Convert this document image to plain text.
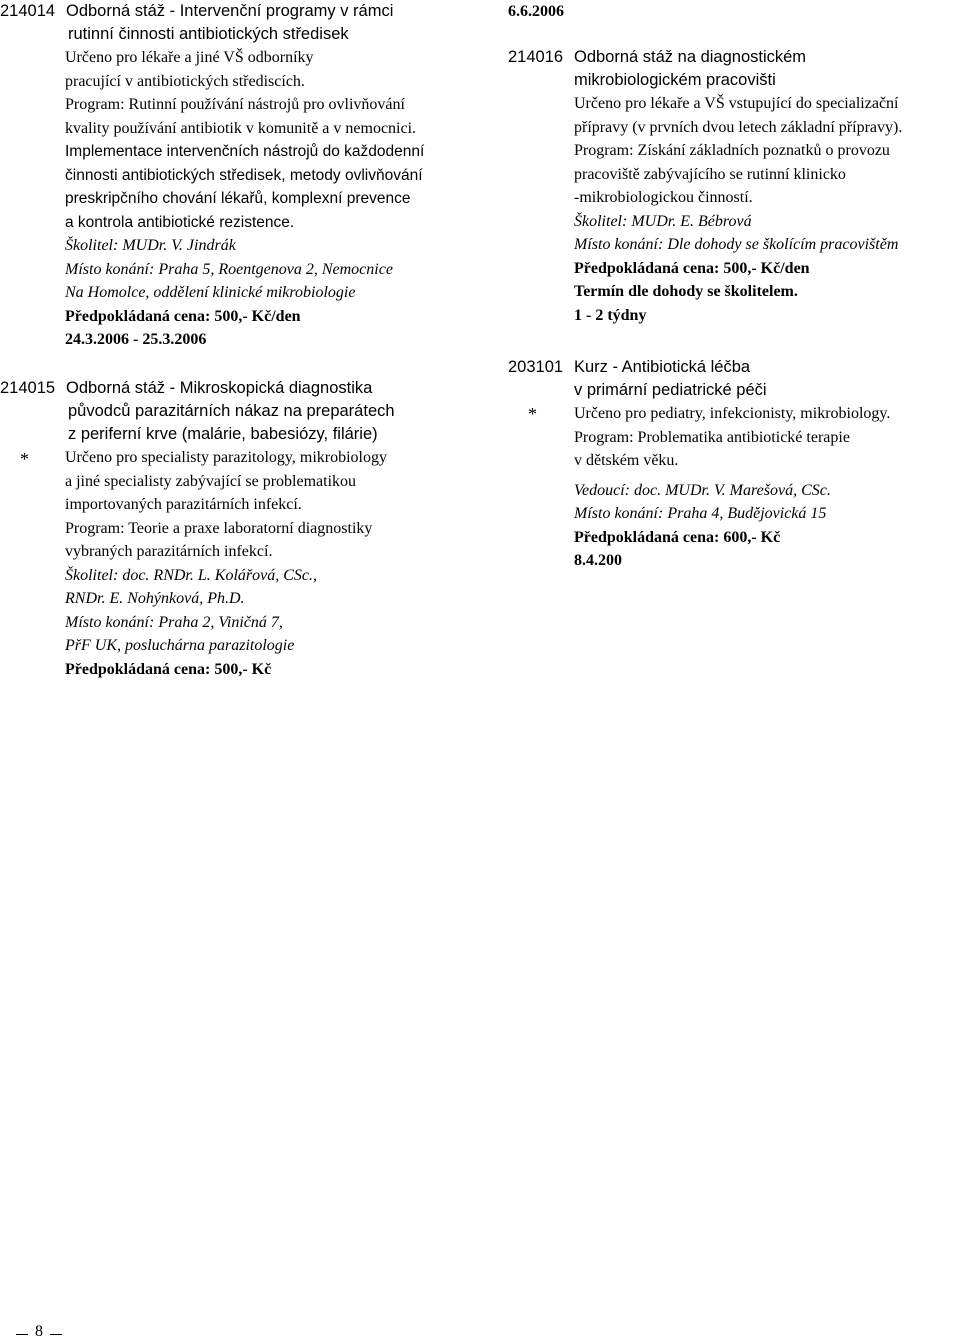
214014 Odborná stáž - Intervenční programy v rámci
rutinní činnosti antibiotických středisek
Určeno pro lékaře a jiné VŠ odborníky
pracující v antibiotických střediscích.
Program: Rutinní používání nástrojů pro ovlivňování
kvality používání antibiotik v komunitě a v nemocnici.
Implementace intervenčních nástrojů do každodenní
činnosti antibiotických středisek, metody ovlivňování
preskripčního chování lékařů, komplexní prevence
a kontrola antibiotické rezistence.
Školitel: MUDr. V. Jindrák
Místo konání: Praha 5, Roentgenova 2, Nemocnice
Na Homolce, oddělení klinické mikrobiologie
Předpokládaná cena: 500,- Kč/den
24.3.2006 - 25.3.2006
214015 Odborná stáž - Mikroskopická diagnostika
původců parazitárních nákaz na preparátech
z periferní krve (malárie, babesiózy, filárie)
* Určeno pro specialisty parazitology, mikrobiology
a jiné specialisty zabývající se problematikou
importovaných parazitárních infekcí.
Program: Teorie a praxe laboratorní diagnostiky
vybraných parazitárních infekcí.
Školitel: doc. RNDr. L. Kolářová, CSc.,
RNDr. E. Nohýnková, Ph.D.
Místo konání: Praha 2, Viničná 7,
PřF UK, posluchárna parazitologie
Předpokládaná cena: 500,- Kč
6.6.2006
214016 Odborná stáž na diagnostickém
mikrobiologickém pracovišti
Určeno pro lékaře a VŠ vstupující do specializační
přípravy (v prvních dvou letech základní přípravy).
Program: Získání základních poznatků o provozu
pracoviště zabývajícího se rutinní klinicko
-mikrobiologickou činností.
Školitel: MUDr. E. Bébrová
Místo konání: Dle dohody se školícím pracovištěm
Předpokládaná cena: 500,- Kč/den
Termín dle dohody se školitelem.
1 - 2 týdny
203101 Kurz - Antibiotická léčba
v primární pediatrické péči
* Určeno pro pediatry, infekcionisty, mikrobiology.
Program: Problematika antibiotické terapie
v dětském věku.
Vedoucí: doc. MUDr. V. Marešová, CSc.
Místo konání: Praha 4, Budějovická 15
Předpokládaná cena: 600,- Kč
8.4.200
8
